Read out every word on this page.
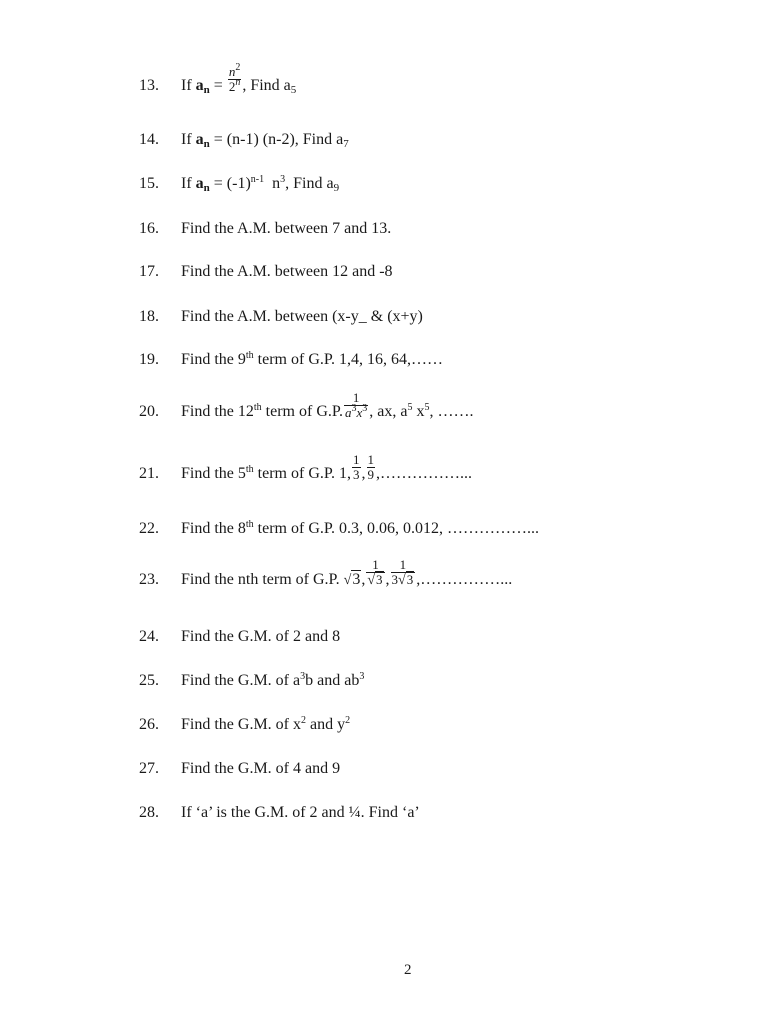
13. If $a_n = \frac{n^2}{2^n}$ , Find $a_5$
14. If $a_n = (n-1)$ (n-2), Find $a_7$
15. If $a_n = (-1)^{n-1}$  $n^3$, Find $a_9$
16. Find the A.M. between 7 and 13.
17. Find the A.M. between 12 and -8
18. Find the A.M. between (x-y_ & (x+y)
19. Find the 9th term of G.P. 1,4, 16, 64,……
20. Find the 12th term of G.P. $\frac{1}{a^3x^3}$ , ax, $a^5$ $x^5$, …….
21. Find the 5th term of G.P. 1, $\frac{1}{3}$ , $\frac{1}{9}$ ,……………...
22. Find the 8th term of G.P. 0.3, 0.06, 0.012, ……………...
23. Find the nth term of G.P. √3, $\frac{1}{√3}$ , $\frac{1}{3√3}$ ,……………...
24. Find the G.M. of 2 and 8
25. Find the G.M. of $a^3b$ and $ab^3$
26. Find the G.M. of $x^2$ and $y^2$
27. Find the G.M. of 4 and 9
28. If ‘a’ is the G.M. of 2 and ¼. Find ‘a’
2
